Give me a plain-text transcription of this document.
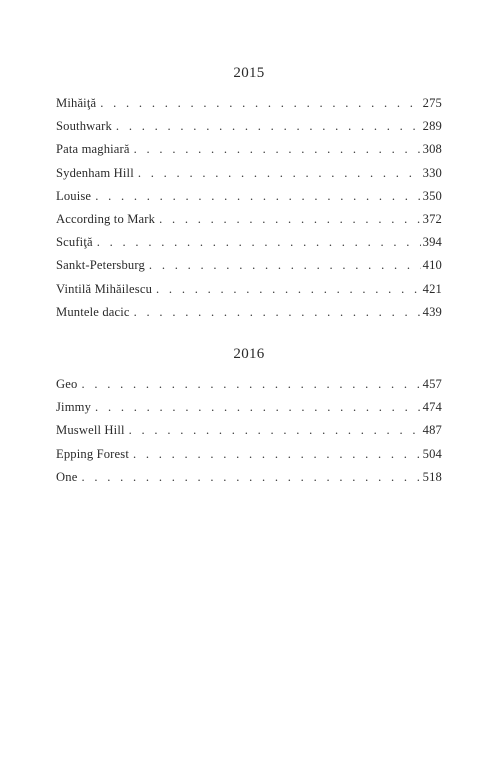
2015
Mihăiţă . . .	275
Southwark . . .	289
Pata maghiară . . .	308
Sydenham Hill . . .	330
Louise . . .	350
According to Mark . . .	372
Scufiţă . . .	394
Sankt-Petersburg . . .	410
Vintilă Mihăilescu . . .	421
Muntele dacic . . .	439
2016
Geo . . .	457
Jimmy . . .	474
Muswell Hill . . .	487
Epping Forest . . .	504
One . . .	518
